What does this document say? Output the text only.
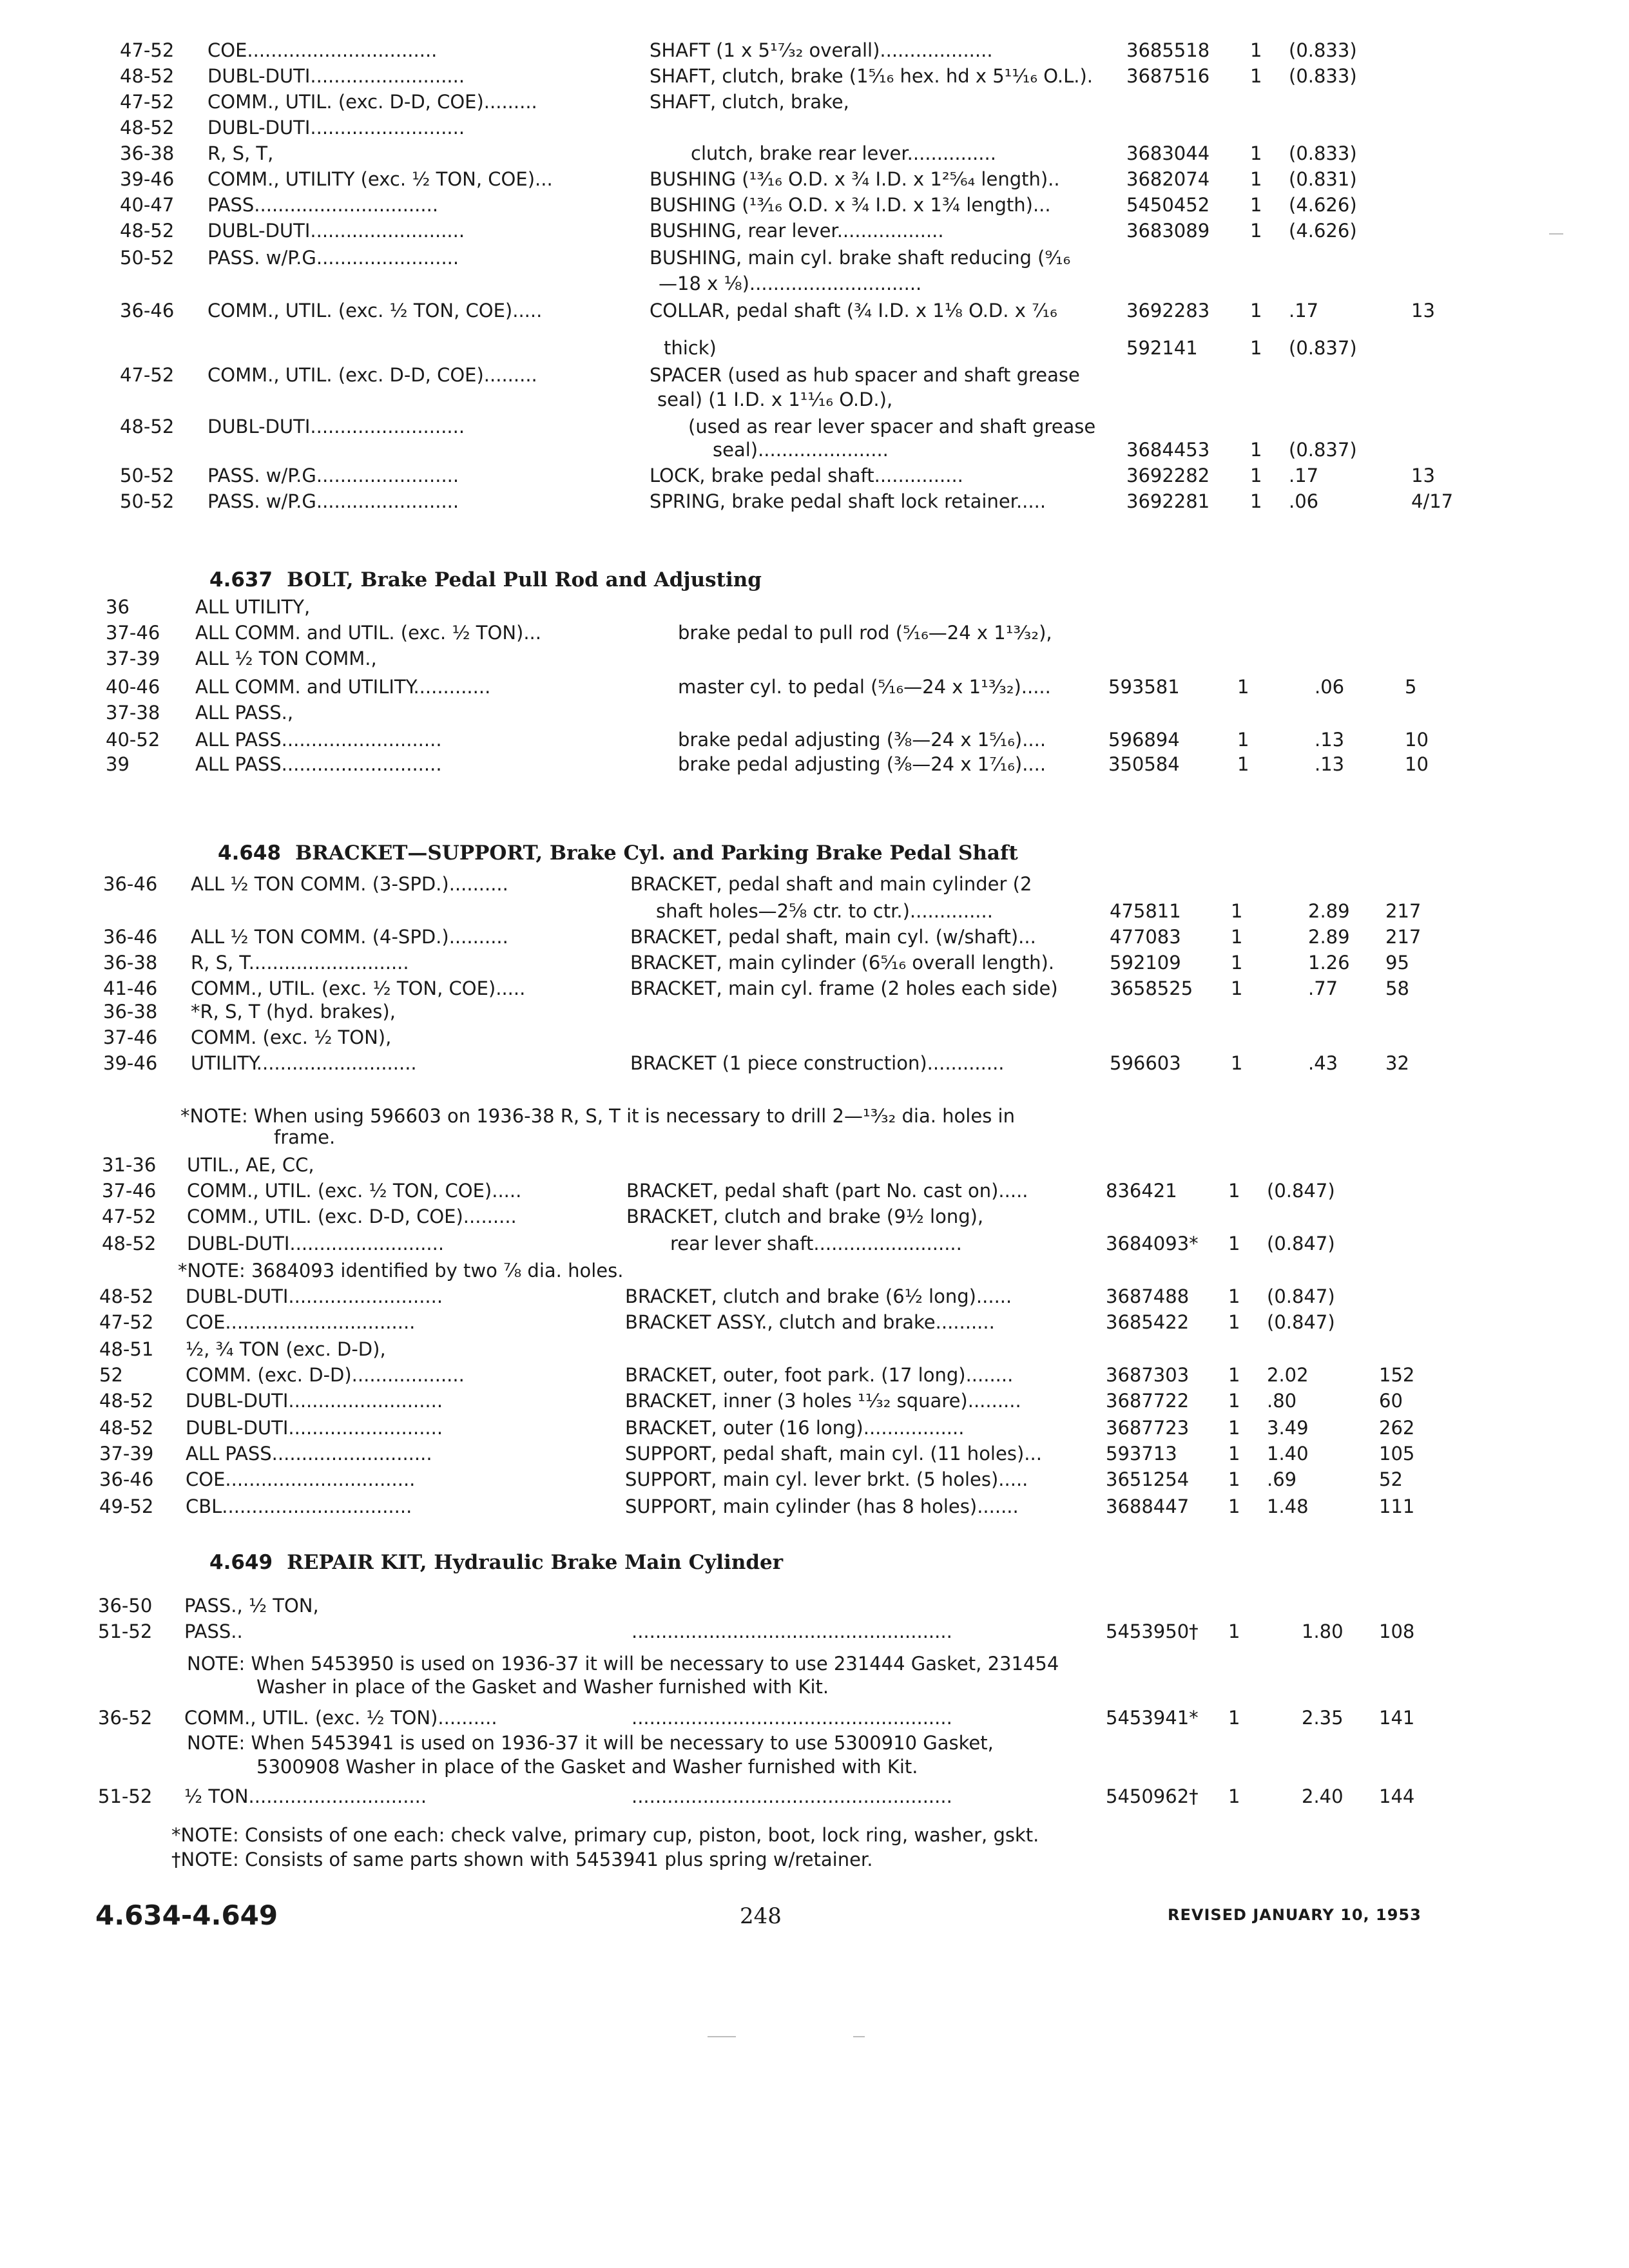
47-52 COE................................	SHAFT (1 x 5¹⁷⁄₃₂ overall)...................	3685518 1 (0.833)
48-52 DUBL-DUTI..........................	SHAFT, clutch, brake (1⁵⁄₁₆ hex. hd x 5¹¹⁄₁₆ O.L.). 3687516 1 (0.833)
47-52 COMM., UTIL. (exc. D-D, COE).........	SHAFT, clutch, brake,
48-52 DUBL-DUTI..........................
36-38 R, S, T,	clutch, brake rear lever...............	3683044 1 (0.833)
39-46 COMM., UTILITY (exc. ½ TON, COE)...	BUSHING (¹³⁄₁₆ O.D. x ¾ I.D. x 1²⁵⁄₆₄ length)..	3682074 1 (0.831)
40-47 PASS...............................	BUSHING (¹³⁄₁₆ O.D. x ¾ I.D. x 1¾ length)...	5450452 1 (4.626)
48-52 DUBL-DUTI..........................	BUSHING, rear lever..................	3683089 1 (4.626)
50-52 PASS. w/P.G........................	BUSHING, main cyl. brake shaft reducing (⁹⁄₁₆
—18 x ⅛).............................
36-46 COMM., UTIL. (exc. ½ TON, COE).....	COLLAR, pedal shaft (¾ I.D. x 1⅛ O.D. x ⁷⁄₁₆	3692283 1 .17	13
thick)	592141	1 (0.837)
47-52 COMM., UTIL. (exc. D-D, COE).........	SPACER (used as hub spacer and shaft grease
seal) (1 I.D. x 1¹¹⁄₁₆ O.D.),
48-52 DUBL-DUTI..........................	(used as rear lever spacer and shaft grease
seal)......................	3684453 1 (0.837)
50-52 PASS. w/P.G........................	LOCK, brake pedal shaft...............	3692282 1 .17	13
50-52 PASS. w/P.G........................	SPRING, brake pedal shaft lock retainer.....	3692281 1 .06	4/17
4.637 BOLT, Brake Pedal Pull Rod and Adjusting
36	ALL UTILITY,
37-46 ALL COMM. and UTIL. (exc. ½ TON)...	brake pedal to pull rod (⁵⁄₁₆—24 x 1¹³⁄₃₂),
37-39 ALL ½ TON COMM.,
40-46 ALL COMM. and UTILITY.............	master cyl. to pedal (⁵⁄₁₆—24 x 1¹³⁄₃₂).....	593581	1	.06	5
37-38 ALL PASS.,
40-52 ALL PASS...........................	brake pedal adjusting (⅜—24 x 1⁵⁄₁₆)....	596894	1	.13	10
39	ALL PASS...........................	brake pedal adjusting (⅜—24 x 1⁷⁄₁₆)....	350584	1	.13	10
4.648 BRACKET—SUPPORT, Brake Cyl. and Parking Brake Pedal Shaft
36-46 ALL ½ TON COMM. (3-SPD.)..........	BRACKET, pedal shaft and main cylinder (2
shaft holes—2⅝ ctr. to ctr.)..............	475811	1	2.89 217
36-46 ALL ½ TON COMM. (4-SPD.)..........	BRACKET, pedal shaft, main cyl. (w/shaft)...	477083	1	2.89 217
36-38 R, S, T...........................	BRACKET, main cylinder (6⁵⁄₁₆ overall length).	592109	1	1.26 95
41-46 COMM., UTIL. (exc. ½ TON, COE).....	BRACKET, main cyl. frame (2 holes each side)	3658525 1	.77	58
36-38 *R, S, T (hyd. brakes),
37-46 COMM. (exc. ½ TON),
39-46 UTILITY...........................	BRACKET (1 piece construction).............	596603	1	.43	32
*NOTE: When using 596603 on 1936-38 R, S, T it is necessary to drill 2—¹³⁄₃₂ dia. holes in
frame.
31-36 UTIL., AE, CC,
37-46 COMM., UTIL. (exc. ½ TON, COE).....	BRACKET, pedal shaft (part No. cast on).....	836421	1 (0.847)
47-52 COMM., UTIL. (exc. D-D, COE).........	BRACKET, clutch and brake (9½ long),
48-52 DUBL-DUTI..........................	rear lever shaft.........................	3684093* 1 (0.847)
*NOTE: 3684093 identified by two ⅞ dia. holes.
48-52 DUBL-DUTI..........................	BRACKET, clutch and brake (6½ long)......	3687488 1 (0.847)
47-52 COE................................	BRACKET ASSY., clutch and brake..........	3685422 1 (0.847)
48-51 ½, ¾ TON (exc. D-D),
52	COMM. (exc. D-D)...................	BRACKET, outer, foot park. (17 long)........	3687303 1 2.02	152
48-52 DUBL-DUTI..........................	BRACKET, inner (3 holes ¹¹⁄₃₂ square).........	3687722 1 .80	60
48-52 DUBL-DUTI..........................	BRACKET, outer (16 long).................	3687723 1 3.49	262
37-39 ALL PASS...........................	SUPPORT, pedal shaft, main cyl. (11 holes)...	593713	1 1.40	105
36-46 COE................................	SUPPORT, main cyl. lever brkt. (5 holes).....	3651254 1 .69	52
49-52 CBL................................	SUPPORT, main cylinder (has 8 holes).......	3688447 1 1.48	111
4.649 REPAIR KIT, Hydraulic Brake Main Cylinder
36-50 PASS., ½ TON,
51-52 PASS..	......................................................	5453950† 1	1.80 108
NOTE: When 5453950 is used on 1936-37 it will be necessary to use 231444 Gasket, 231454
Washer in place of the Gasket and Washer furnished with Kit.
36-52 COMM., UTIL. (exc. ½ TON)..........	......................................................	5453941* 1	2.35 141
NOTE: When 5453941 is used on 1936-37 it will be necessary to use 5300910 Gasket,
5300908 Washer in place of the Gasket and Washer furnished with Kit.
51-52 ½ TON..............................	......................................................	5450962† 1	2.40 144
*NOTE: Consists of one each: check valve, primary cup, piston, boot, lock ring, washer, gskt.
†NOTE: Consists of same parts shown with 5453941 plus spring w/retainer.
4.634-4.649	248	REVISED JANUARY 10, 1953
